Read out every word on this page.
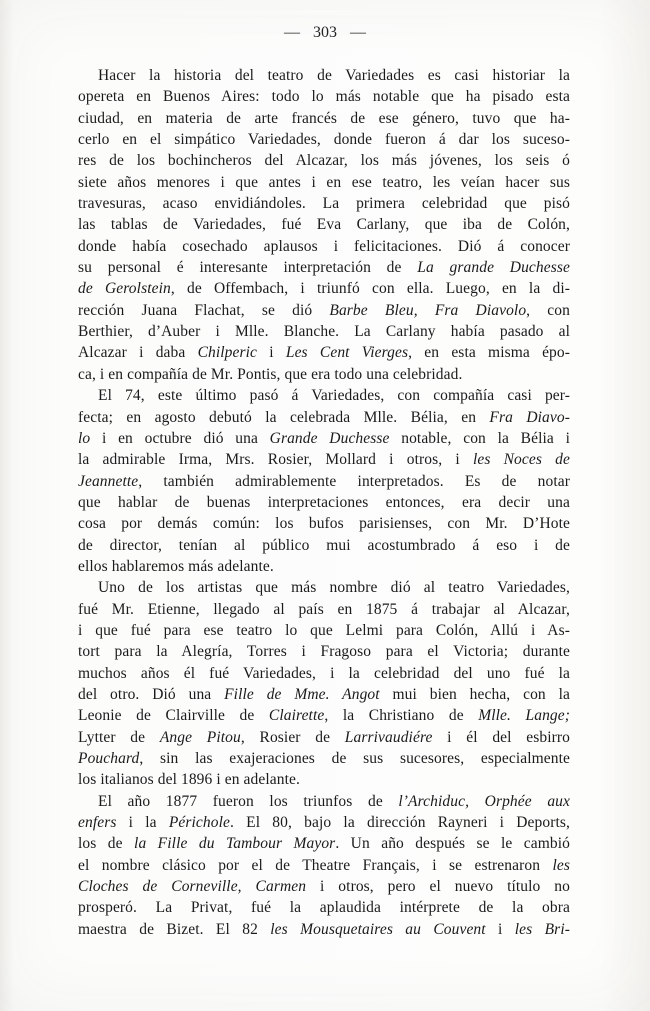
— 303 —
Hacer la historia del teatro de Variedades es casi historiar la
opereta en Buenos Aires: todo lo más notable que ha pisado esta
ciudad, en materia de arte francés de ese género, tuvo que ha-
cerlo en el simpático Variedades, donde fueron á dar los suceso-
res de los bochincheros del Alcazar, los más jóvenes, los seis ó
siete años menores i que antes i en ese teatro, les veían hacer sus
travesuras, acaso envidiándoles. La primera celebridad que pisó
las tablas de Variedades, fué Eva Carlany, que iba de Colón,
donde había cosechado aplausos i felicitaciones. Dió á conocer
su personal é interesante interpretación de La grande Duchesse
de Gerolstein, de Offembach, i triunfó con ella. Luego, en la di-
rección Juana Flachat, se dió Barbe Bleu, Fra Diavolo, con
Berthier, d’Auber i Mlle. Blanche. La Carlany había pasado al
Alcazar i daba Chilperic i Les Cent Vierges, en esta misma épo-
ca, i en compañía de Mr. Pontis, que era todo una celebridad.
El 74, este último pasó á Variedades, con compañía casi per-
fecta; en agosto debutó la celebrada Mlle. Bélia, en Fra Diavo-
lo i en octubre dió una Grande Duchesse notable, con la Bélia i
la admirable Irma, Mrs. Rosier, Mollard i otros, i les Noces de
Jeannette, también admirablemente interpretados. Es de notar
que hablar de buenas interpretaciones entonces, era decir una
cosa por demás común: los bufos parisienses, con Mr. D’Hote
de director, tenían al público mui acostumbrado á eso i de
ellos hablaremos más adelante.
Uno de los artistas que más nombre dió al teatro Variedades,
fué Mr. Etienne, llegado al país en 1875 á trabajar al Alcazar,
i que fué para ese teatro lo que Lelmi para Colón, Allú i As-
tort para la Alegría, Torres i Fragoso para el Victoria; durante
muchos años él fué Variedades, i la celebridad del uno fué la
del otro. Dió una Fille de Mme. Angot mui bien hecha, con la
Leonie de Clairville de Clairette, la Christiano de Mlle. Lange;
Lytter de Ange Pitou, Rosier de Larrivaudiére i él del esbirro
Pouchard, sin las exajeraciones de sus sucesores, especialmente
los italianos del 1896 i en adelante.
El año 1877 fueron los triunfos de l’Archiduc, Orphée aux
enfers i la Périchole. El 80, bajo la dirección Rayneri i Deports,
los de la Fille du Tambour Mayor. Un año después se le cambió
el nombre clásico por el de Theatre Français, i se estrenaron les
Cloches de Corneville, Carmen i otros, pero el nuevo título no
prosperó. La Privat, fué la aplaudida intérprete de la obra
maestra de Bizet. El 82 les Mousquetaires au Couvent i les Bri-
